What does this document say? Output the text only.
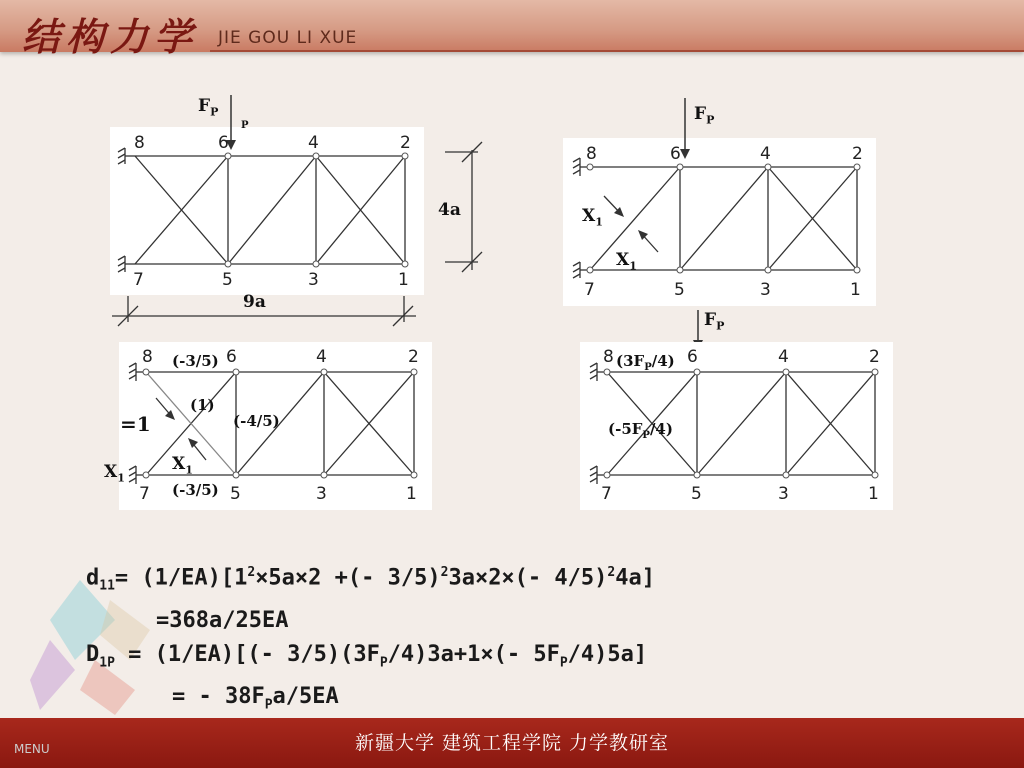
结构力学 JIE GOU LI XUE
$F_P$
P
8	6	4	2
7	5	3	1
4a
9a
$F_P$
8	6	4	2
7	5	3	1
$X_1$
$X_1$
$F_P$
8	6	4	2
7	5	3	1
(-3/5)
(1)
(-4/5)
(-3/5)
=1
$X_1$
$X_1$
8	6	4	2
7	5	3	1
$(3F_P/4)$
$(-5F_P/4)$
$d_{11}= (1/EA)[1^2\times 5a\times 2$ +(- 3/5)$^2$3a×2×(- 4/5)$^2$4a]
=368a/25EA
$D_{1P} = (1/EA)[(-$ $3/5)(3F_P/4)3a+1\times(-$ $5F_P/4)5a$]
= - $38F_Pa/5EA$
新疆大学 建筑工程学院 力学教研室
MENU
